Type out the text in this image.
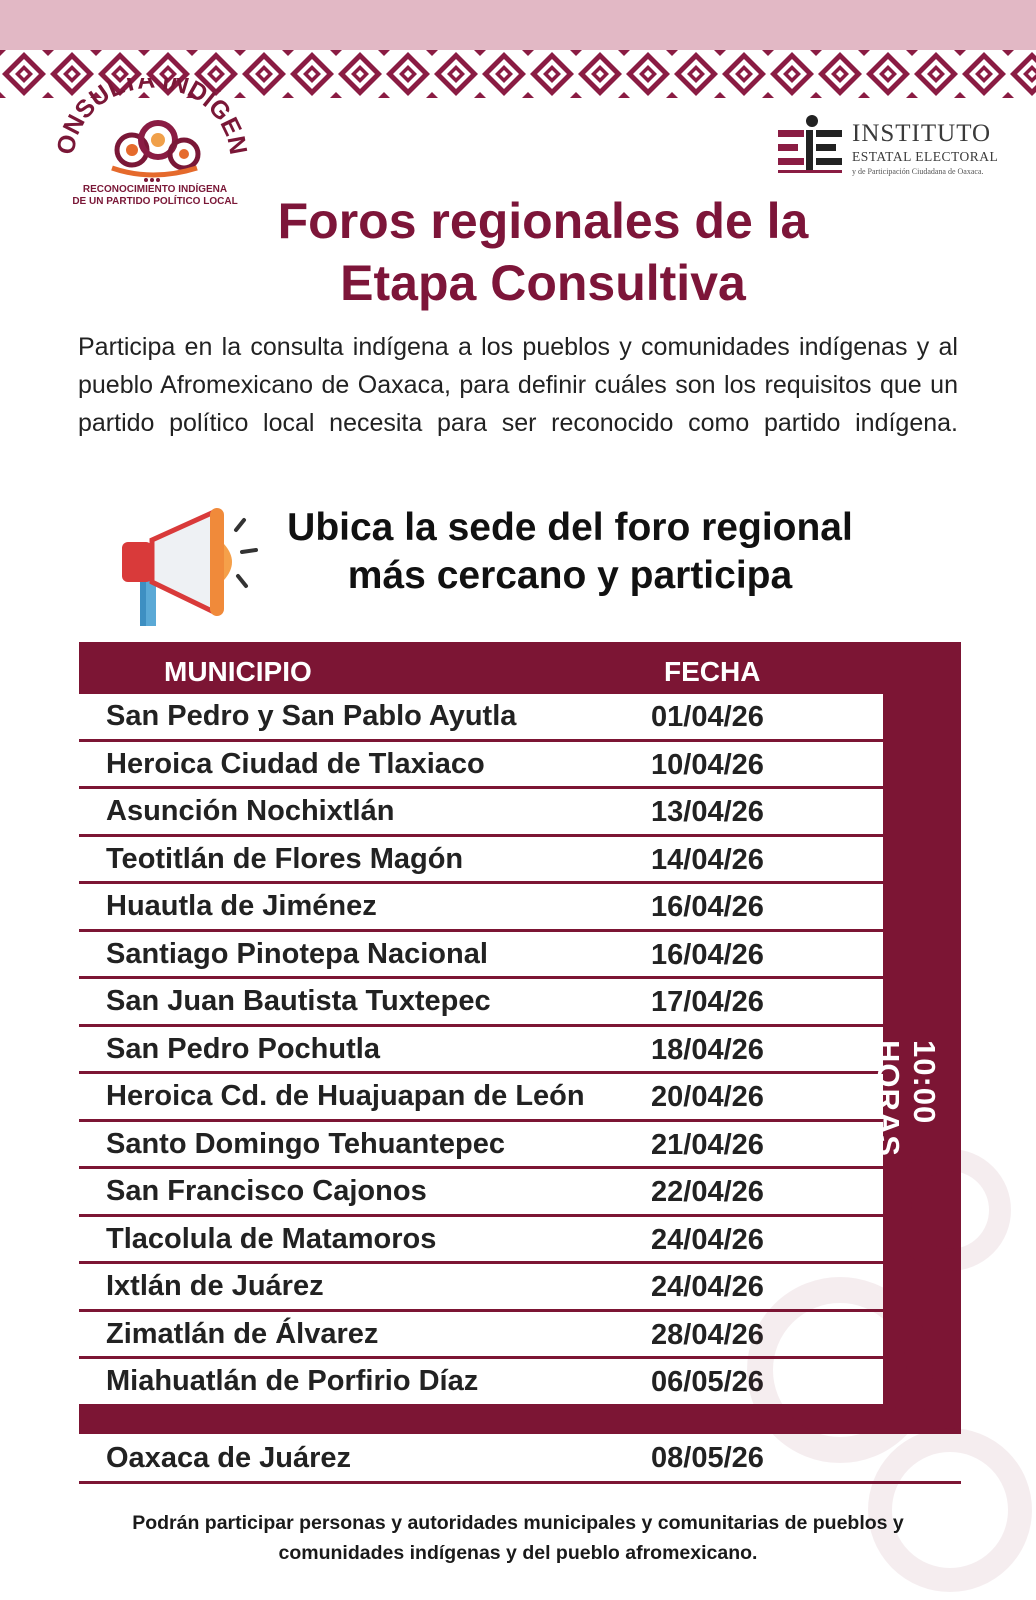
ONSULTA INDÍGEN
RECONOCIMIENTO INDÍGENA
DE UN PARTIDO POLÍTICO LOCAL
INSTITUTO
ESTATAL ELECTORAL
y de Participación Ciudadana de Oaxaca.
Foros regionales de la
Etapa Consultiva

Participa en la consulta indígena a los pueblos y comunidades indígenas y al pueblo Afromexicano de Oaxaca, para definir cuáles son los requisitos que un partido político local necesita para ser reconocido como partido indígena.

Ubica la sede del foro regional
más cercano y participa
MUNICIPIO	FECHA
San Pedro y San Pablo Ayutla	01/04/26
Heroica Ciudad de Tlaxiaco	10/04/26
Asunción Nochixtlán	13/04/26
Teotitlán de Flores Magón	14/04/26
Huautla de Jiménez	16/04/26
Santiago Pinotepa Nacional	16/04/26
San Juan Bautista Tuxtepec	17/04/26
San Pedro Pochutla	18/04/26
Heroica Cd. de Huajuapan de León 20/04/26
Santo Domingo Tehuantepec	21/04/26
San Francisco Cajonos	22/04/26
Tlacolula de Matamoros	24/04/26
Ixtlán de Juárez	24/04/26
Zimatlán de Álvarez	28/04/26
Miahuatlán de Porfirio Díaz	06/05/26
Oaxaca de Juárez	08/05/26
10:00 HORAS
Podrán participar personas y autoridades municipales y comunitarias de pueblos y
comunidades indígenas y del pueblo afromexicano.
